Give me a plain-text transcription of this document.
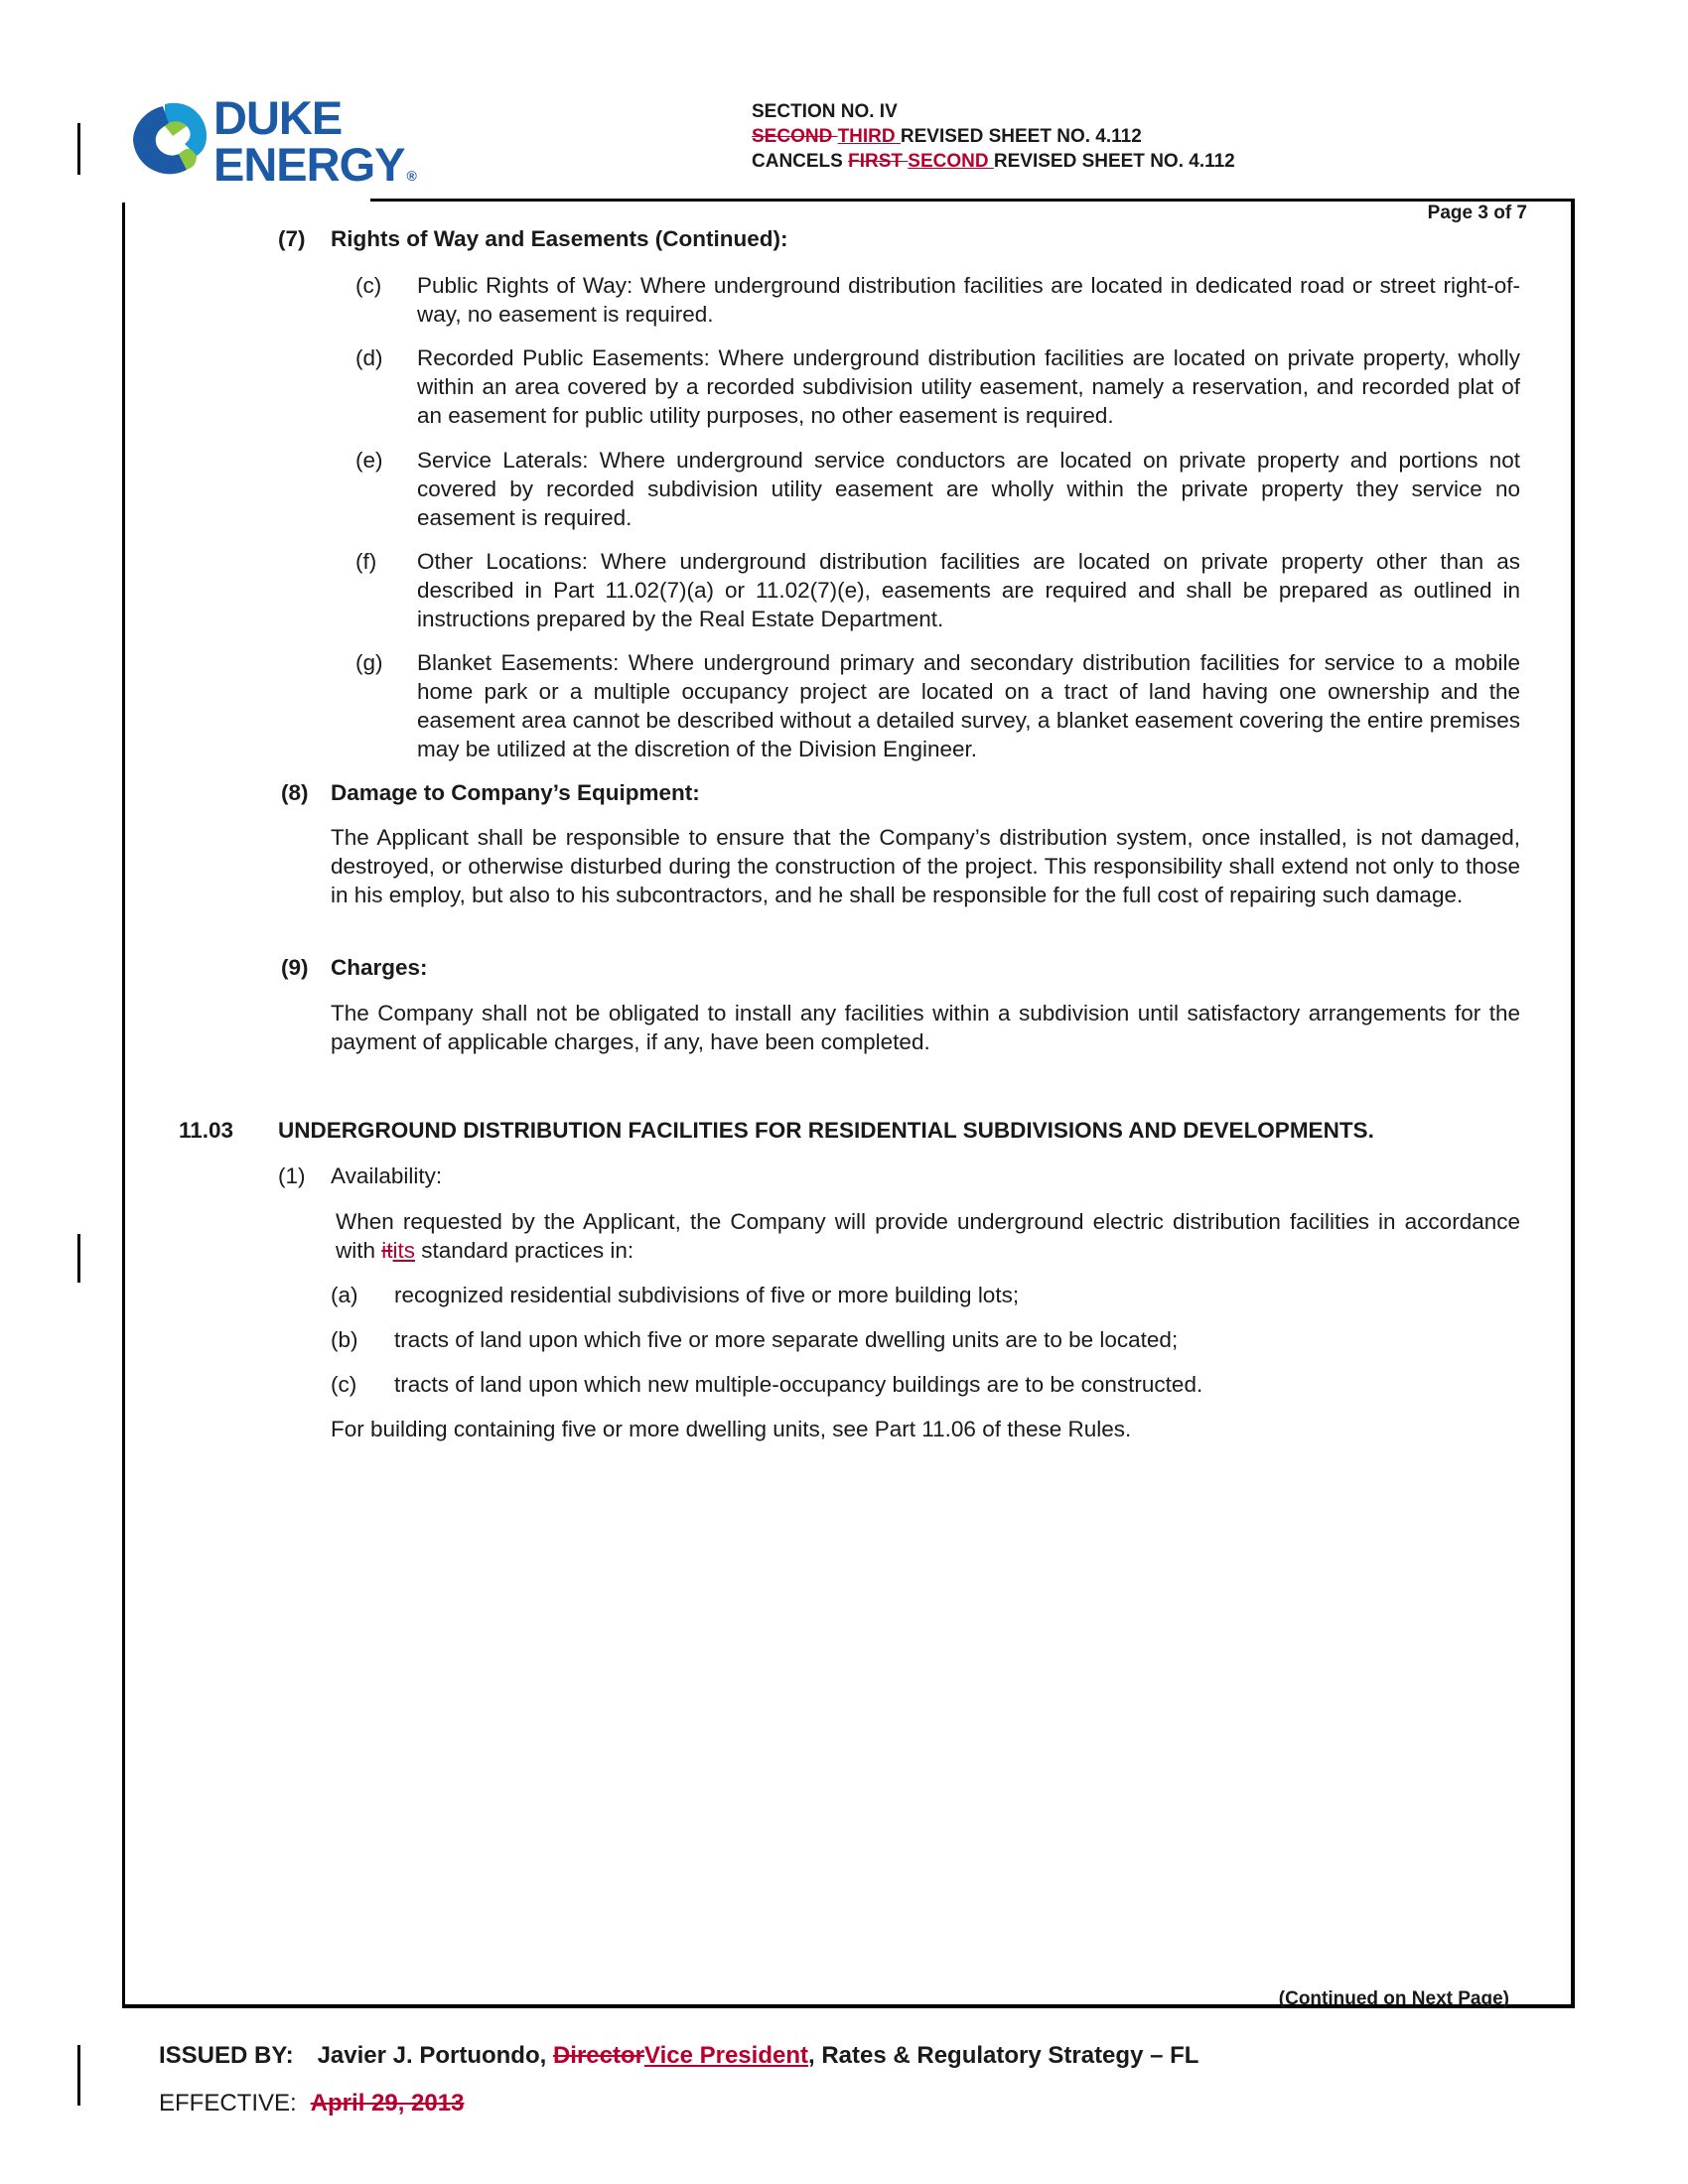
DUKE
ENERGY ®
SECTION NO. IV
SECOND THIRD REVISED SHEET NO. 4.112
CANCELS FIRST SECOND REVISED SHEET NO. 4.112
Page 3 of 7
(7) Rights of Way and Easements (Continued):
(c) Public Rights of Way: Where underground distribution facilities are located in dedicated road or street right-of-way, no easement is required.
(d) Recorded Public Easements: Where underground distribution facilities are located on private property, wholly within an area covered by a recorded subdivision utility easement, namely a reservation, and recorded plat of an easement for public utility purposes, no other easement is required.
(e) Service Laterals: Where underground service conductors are located on private property and portions not covered by recorded subdivision utility easement are wholly within the private property they service no easement is required.
(f) Other Locations: Where underground distribution facilities are located on private property other than as described in Part 11.02(7)(a) or 11.02(7)(e), easements are required and shall be prepared as outlined in instructions prepared by the Real Estate Department.
(g) Blanket Easements: Where underground primary and secondary distribution facilities for service to a mobile home park or a multiple occupancy project are located on a tract of land having one ownership and the easement area cannot be described without a detailed survey, a blanket easement covering the entire premises may be utilized at the discretion of the Division Engineer.
(8) Damage to Company’s Equipment:
The Applicant shall be responsible to ensure that the Company’s distribution system, once installed, is not damaged, destroyed, or otherwise disturbed during the construction of the project. This responsibility shall extend not only to those in his employ, but also to his subcontractors, and he shall be responsible for the full cost of repairing such damage.
(9) Charges:
The Company shall not be obligated to install any facilities within a subdivision until satisfactory arrangements for the payment of applicable charges, if any, have been completed.
11.03 UNDERGROUND DISTRIBUTION FACILITIES FOR RESIDENTIAL SUBDIVISIONS AND DEVELOPMENTS.
(1) Availability:
When requested by the Applicant, the Company will provide underground electric distribution facilities in accordance with itits standard practices in:
(a) recognized residential subdivisions of five or more building lots;
(b) tracts of land upon which five or more separate dwelling units are to be located;
(c) tracts of land upon which new multiple-occupancy buildings are to be constructed.
For building containing five or more dwelling units, see Part 11.06 of these Rules.
(Continued on Next Page)
ISSUED BY: Javier J. Portuondo, DirectorVice President, Rates & Regulatory Strategy – FL
EFFECTIVE: April 29, 2013
